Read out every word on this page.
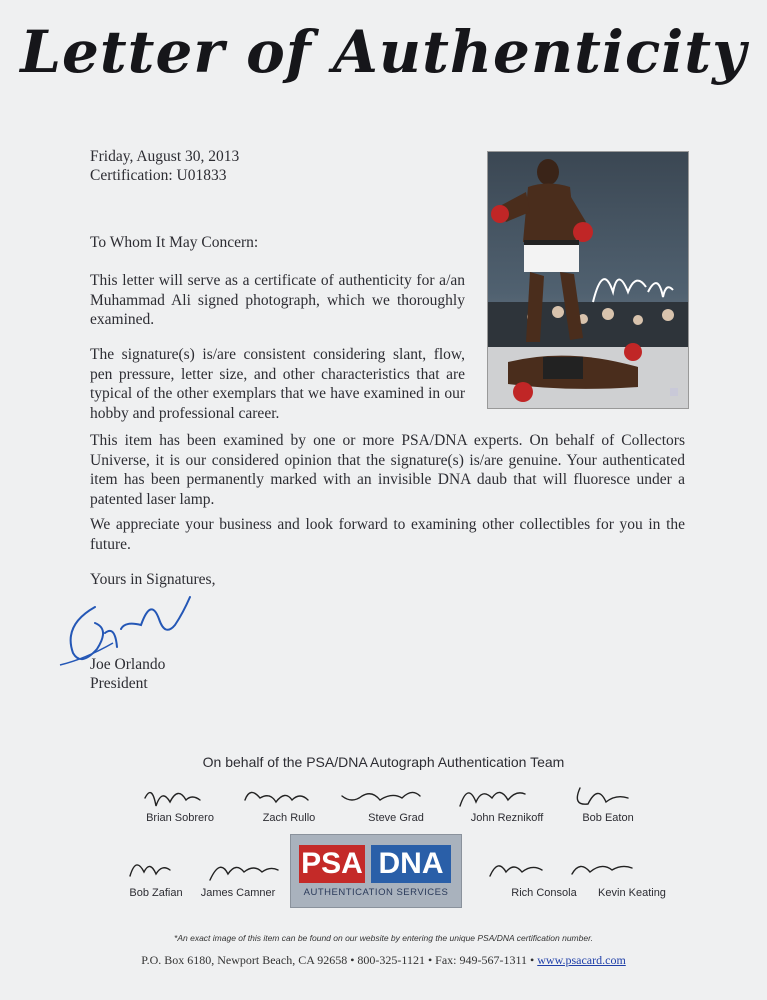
Letter of Authenticity
Friday, August 30, 2013
Certification: U01833
To Whom It May Concern:
This letter will serve as a certificate of authenticity for a/an Muhammad Ali signed photograph, which we thoroughly examined.
The signature(s) is/are consistent considering slant, flow, pen pressure, letter size, and other characteristics that are typical of the other exemplars that we have examined in our hobby and professional career.
This item has been examined by one or more PSA/DNA experts. On behalf of Collectors Universe, it is our considered opinion that the signature(s) is/are genuine. Your authenticated item has been permanently marked with an invisible DNA daub that will fluoresce under a patented laser lamp.
We appreciate your business and look forward to examining other collectibles for you in the future.
Yours in Signatures,
Joe Orlando
President
On behalf of the PSA/DNA Autograph Authentication Team
Brian Sobrero	Zach Rullo	Steve Grad	John Reznikoff	Bob Eaton
PSA DNA
AUTHENTICATION SERVICES
Bob Zafian	James Camner	Rich Consola	Kevin Keating
*An exact image of this item can be found on our website by entering the unique PSA/DNA certification number.
P.O. Box 6180, Newport Beach, CA 92658 • 800-325-1121 • Fax: 949-567-1311 • www.psacard.com
